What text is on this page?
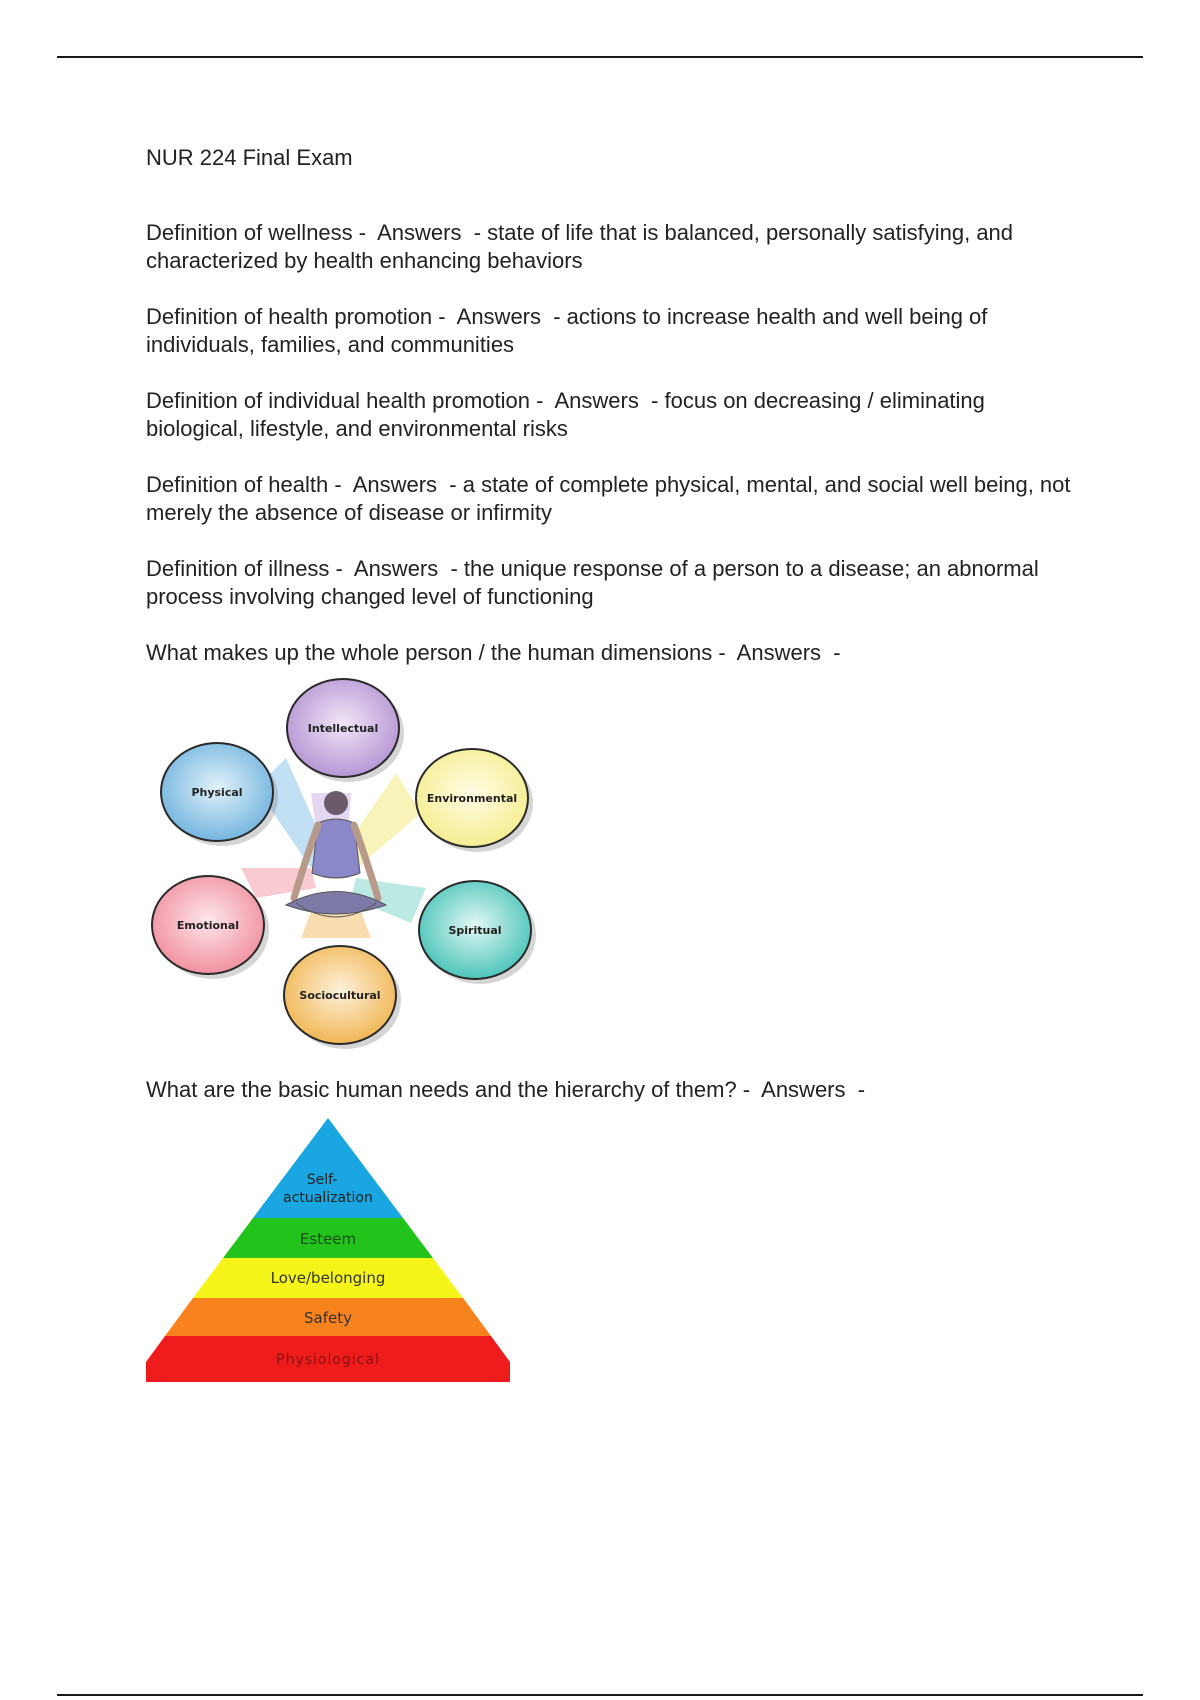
NUR 224 Final Exam

Definition of wellness -  Answers  - state of life that is balanced, personally satisfying, and characterized by health enhancing behaviors

Definition of health promotion -  Answers  - actions to increase health and well being of individuals, families, and communities

Definition of individual health promotion -  Answers  - focus on decreasing / eliminating biological, lifestyle, and environmental risks

Definition of health -  Answers  - a state of complete physical, mental, and social well being, not merely the absence of disease or infirmity

Definition of illness -  Answers  - the unique response of a person to a disease; an abnormal process involving changed level of functioning

What makes up the whole person / the human dimensions -  Answers  -

Intellectual
Physical	Environmental
Emotional	Spiritual
Sociocultural

What are the basic human needs and the hierarchy of them? -  Answers  -

Self-
actualization
Esteem
Love/belonging
Safety
Physiological
